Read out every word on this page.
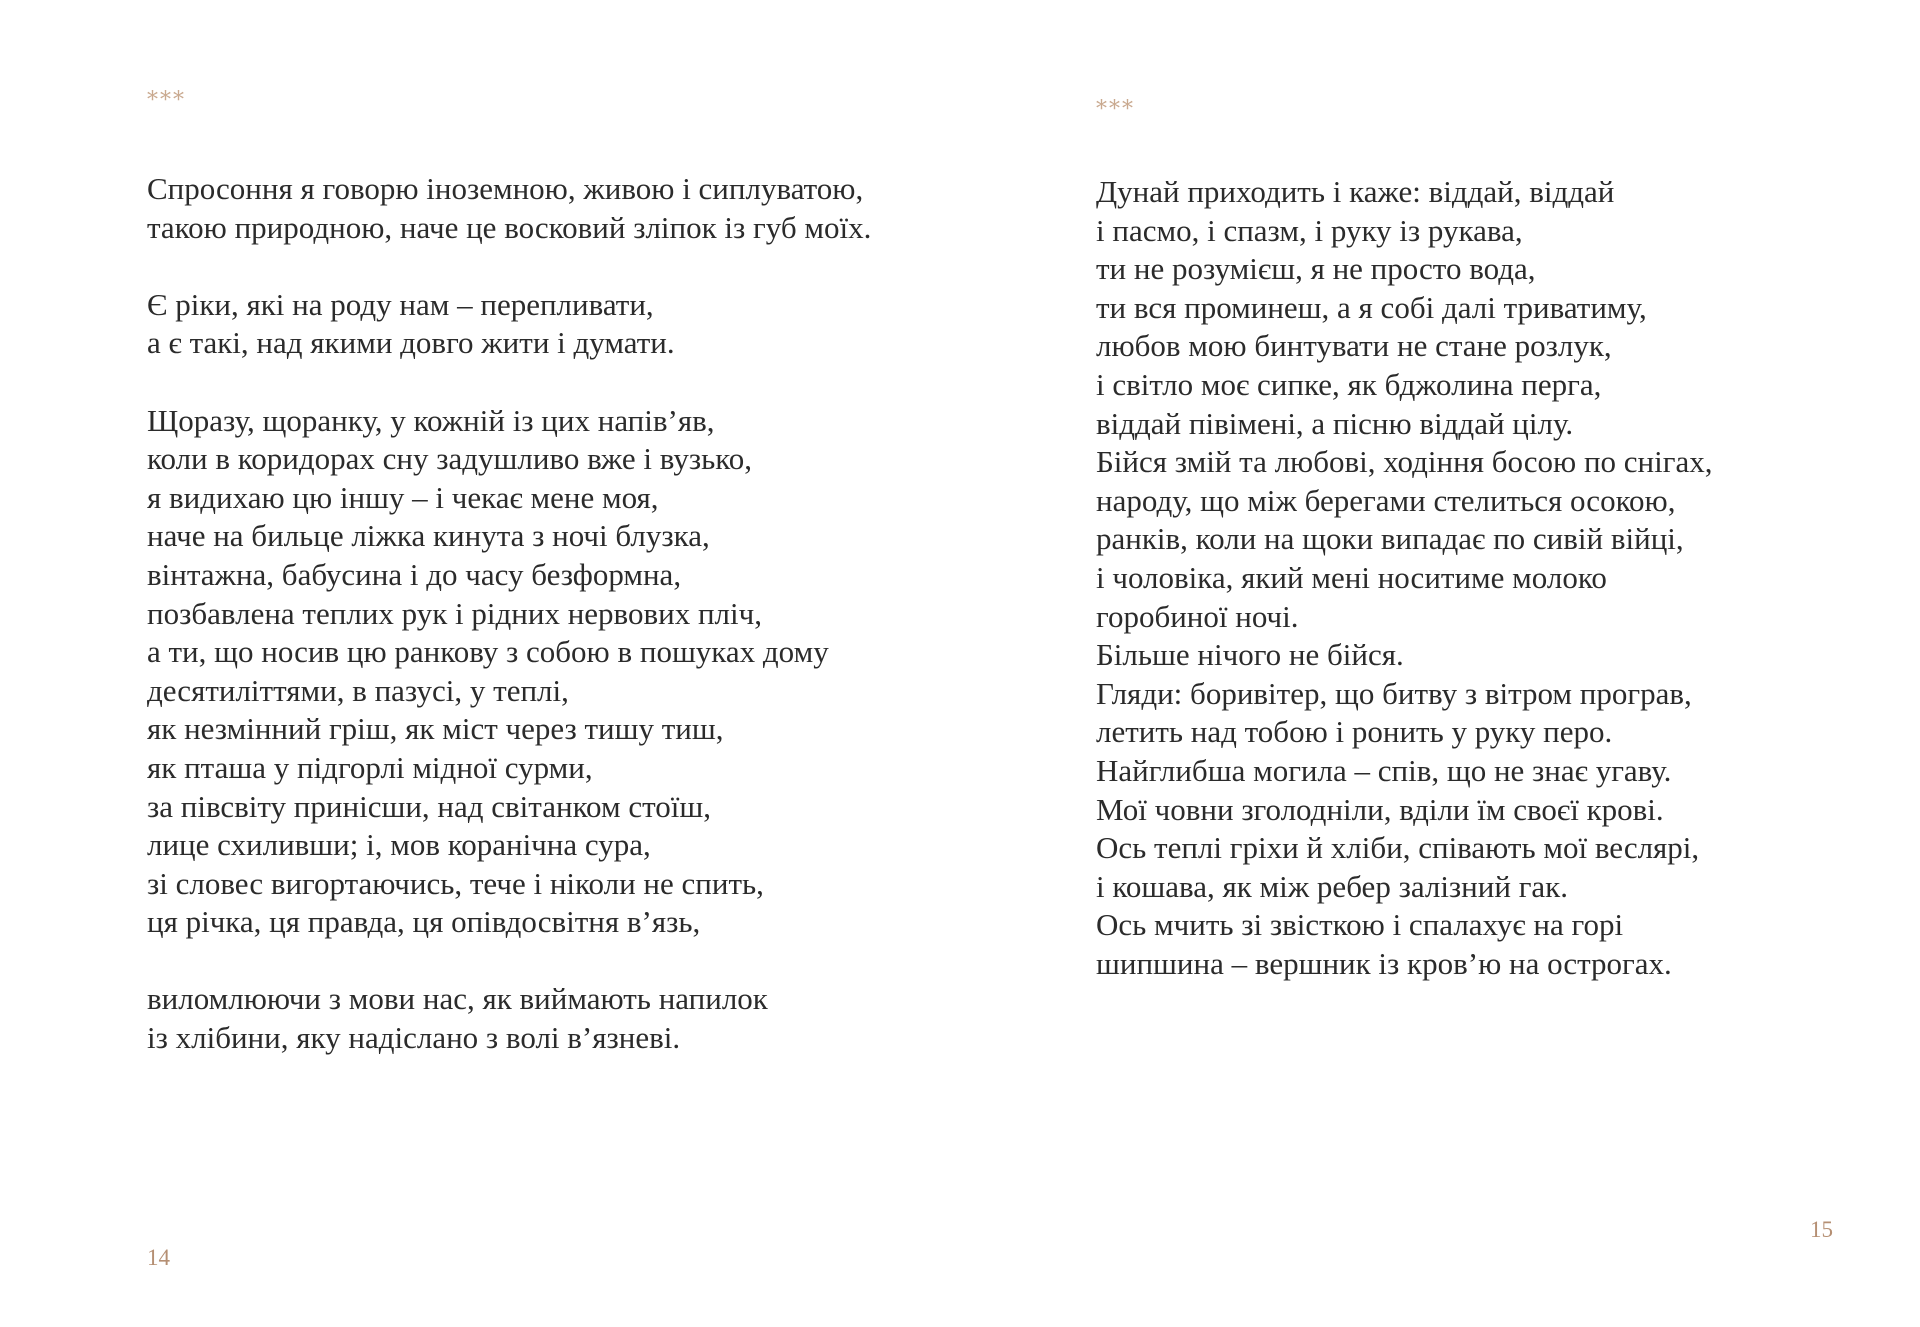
***
Спросоння я говорю іноземною, живою і сиплуватою,
такою природною, наче це восковий зліпок із губ моїх.
Є ріки, які на роду нам – перепливати,
а є такі, над якими довго жити і думати.
Щоразу, щоранку, у кожній із цих напів’яв,
коли в коридорах сну задушливо вже і вузько,
я видихаю цю іншу – і чекає мене моя,
наче на бильце ліжка кинута з ночі блузка,
вінтажна, бабусина і до часу безформна,
позбавлена теплих рук і рідних нервових пліч,
а ти, що носив цю ранкову з собою в пошуках дому
десятиліттями, в пазусі, у теплі,
як незмінний гріш, як міст через тишу тиш,
як пташа у підгорлі мідної сурми,
за півсвіту принісши, над світанком стоїш,
лице схиливши; і, мов коранічна сура,
зі словес вигортаючись, тече і ніколи не спить,
ця річка, ця правда, ця опівдосвітня в’язь,
виломлюючи з мови нас, як виймають напилок
із хлібини, яку надіслано з волі в’язневі.
14
***
Дунай приходить і каже: віддай, віддай
і пасмо, і спазм, і руку із рукава,
ти не розумієш, я не просто вода,
ти вся проминеш, а я собі далі триватиму,
любов мою бинтувати не стане розлук,
і світло моє сипке, як бджолина перга,
віддай півімені, а пісню віддай цілу.
Бійся змій та любові, ходіння босою по снігах,
народу, що між берегами стелиться осокою,
ранків, коли на щоки випадає по сивій війці,
і чоловіка, який мені носитиме молоко
горобиної ночі.
Більше нічого не бійся.
Гляди: боривітер, що битву з вітром програв,
летить над тобою і ронить у руку перо.
Найглибша могила – спів, що не знає угаву.
Мої човни зголодніли, вділи їм своєї крові.
Ось теплі гріхи й хліби, співають мої веслярі,
і кошава, як між ребер залізний гак.
Ось мчить зі звісткою і спалахує на горі
шипшина – вершник із кров’ю на острогах.
15
